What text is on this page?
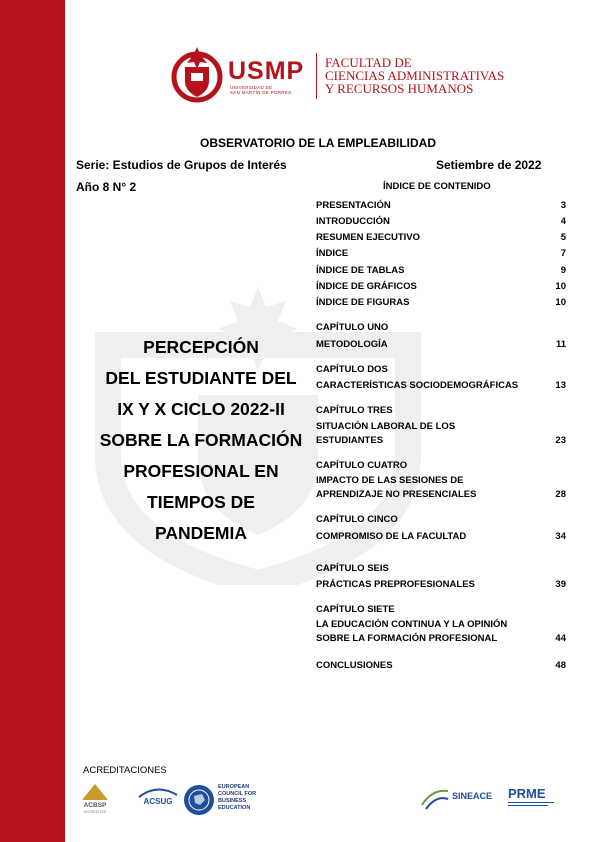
USMP
UNIVERSIDAD DE
SAN MARTÍN DE PORRES
FACULTAD DE
CIENCIAS ADMINISTRATIVAS
Y RECURSOS HUMANOS
OBSERVATORIO DE LA EMPLEABILIDAD
Serie: Estudios de Grupos de Interés	Setiembre de 2022
Año 8 N° 2	ÍNDICE DE CONTENIDO
PERCEPCIÓN
DEL ESTUDIANTE DEL
IX Y X CICLO 2022-II
SOBRE LA FORMACIÓN
PROFESIONAL EN
TIEMPOS DE
PANDEMIA
PRESENTACIÓN	3
INTRODUCCIÓN	4
RESUMEN EJECUTIVO	5
ÍNDICE	7
ÍNDICE DE TABLAS	9
ÍNDICE DE GRÁFICOS	10
ÍNDICE DE FIGURAS	10
CAPÍTULO UNO
METODOLOGÍA	11
CAPÍTULO DOS
CARACTERÍSTICAS SOCIODEMOGRÁFICAS	13
CAPÍTULO TRES
SITUACIÓN LABORAL DE LOS
ESTUDIANTES	23
CAPÍTULO CUATRO
IMPACTO DE LAS SESIONES DE
APRENDIZAJE NO PRESENCIALES	28
CAPÍTULO CINCO
COMPROMISO DE LA FACULTAD	34
CAPÍTULO SEIS
PRÁCTICAS PREPROFESIONALES	39
CAPÍTULO SIETE
LA EDUCACIÓN CONTINUA Y LA OPINIÓN
SOBRE LA FORMACIÓN PROFESIONAL	44
CONCLUSIONES	48
ACREDITACIONES
ACBSP
ACCREDITED
ACSUG
EUROPEAN
COUNCIL FOR
BUSINESS
EDUCATION
SINEACE PRME
